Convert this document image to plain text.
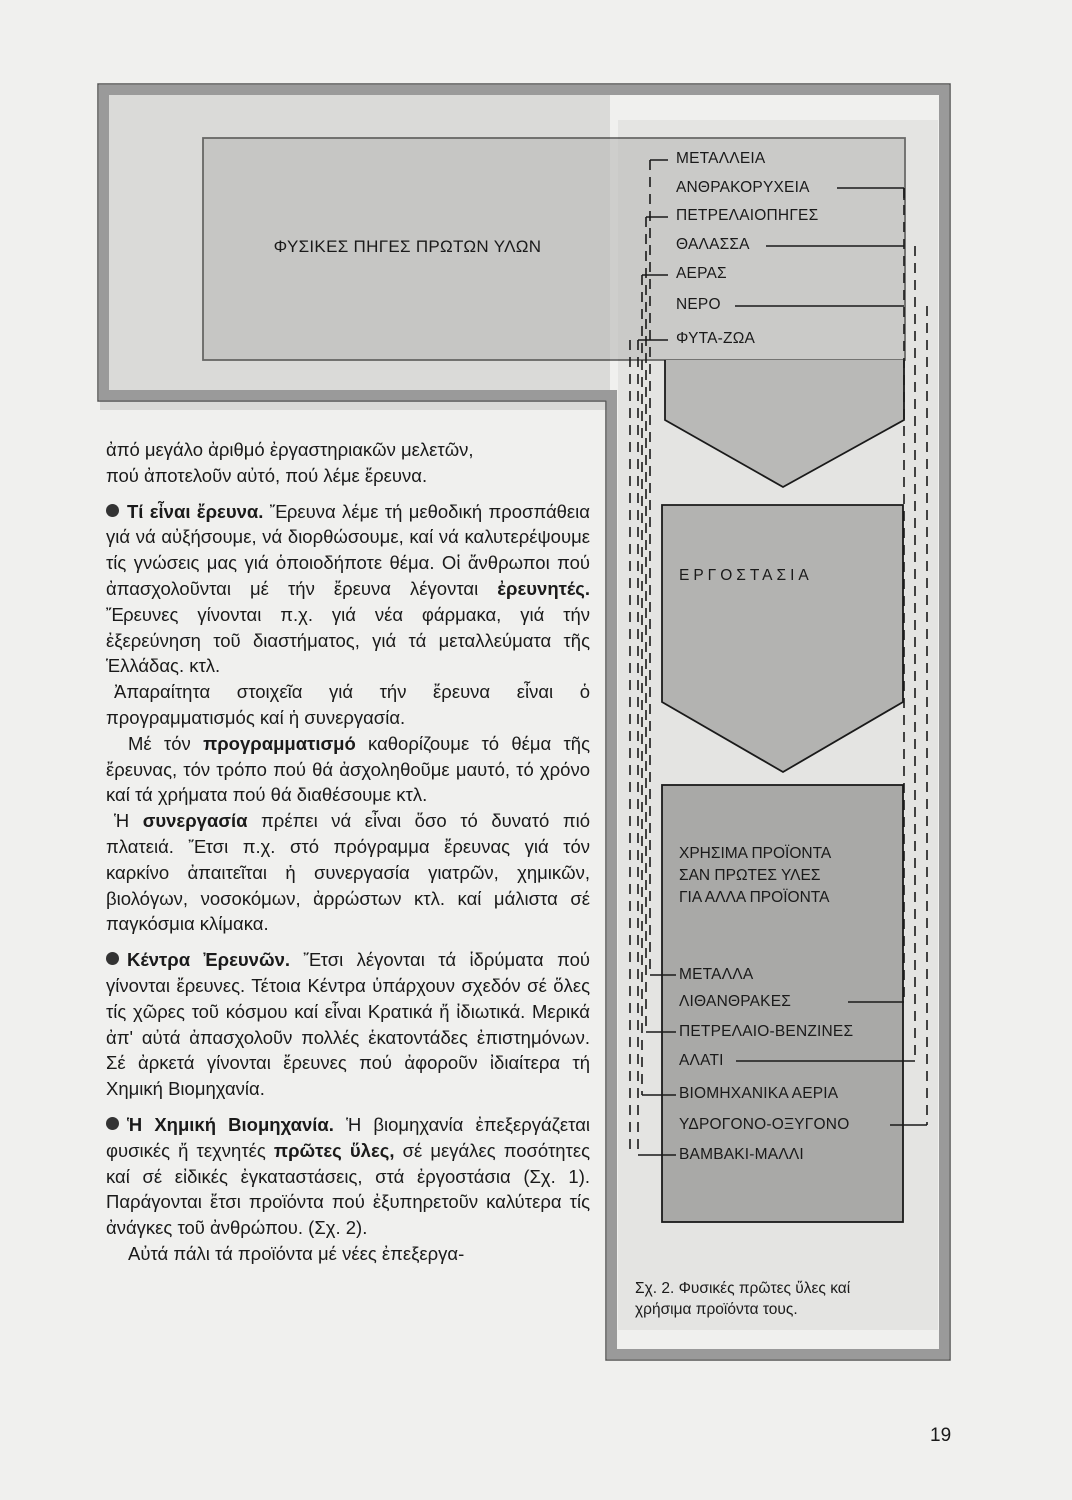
ΦΥΣΙΚΕΣ ΠΗΓΕΣ ΠΡΩΤΩΝ ΥΛΩΝ
ΜΕΤΑΛΛΕΙΑ
ΑΝΘΡΑΚΟΡΥΧΕΙΑ
ΠΕΤΡΕΛΑΙΟΠΗΓΕΣ
ΘΑΛΑΣΣΑ
ΑΕΡΑΣ
ΝΕΡΟ
ΦΥΤΑ-ΖΩΑ
ΕΡΓΟΣΤΑΣΙΑ
ΧΡΗΣΙΜΑ ΠΡΟΪΟΝΤΑ
ΣΑΝ ΠΡΩΤΕΣ ΥΛΕΣ
ΓΙΑ ΑΛΛΑ ΠΡΟΪΟΝΤΑ
ΜΕΤΑΛΛΑ
ΛΙΘΑΝΘΡΑΚΕΣ
ΠΕΤΡΕΛΑΙΟ-ΒΕΝΖΙΝΕΣ
ΑΛΑΤΙ
ΒΙΟΜΗΧΑΝΙΚΑ ΑΕΡΙΑ
ΥΔΡΟΓΟΝΟ-ΟΞΥΓΟΝΟ
ΒΑΜΒΑΚΙ-ΜΑΛΛΙ
Σχ. 2. Φυσικές πρῶτες ὕλες καί
χρήσιμα προϊόντα τους.

ἀπό μεγάλο ἀριθμό ἐργαστηριακῶν μελετῶν,

πού ἀποτελοῦν αὐτό, πού λέμε ἔρευνα.

Τί εἶναι ἔρευνα. Ἔρευνα λέμε τή μεθοδική προσπάθεια γιά νά αὐξήσουμε, νά διορθώσουμε, καί νά καλυτερέψουμε τίς γνώσεις μας γιά ὁποιοδήποτε θέμα. Οἱ ἄνθρωποι πού ἀπασχολοῦνται μέ τήν ἔρευνα λέγονται ἐρευνητές. Ἔρευνες γίνονται π.χ. γιά νέα φάρμακα, γιά τήν ἐξερεύνηση τοῦ διαστήματος, γιά τά μεταλλεύματα τῆς Ἑλλάδας. κτλ.

Ἀπαραίτητα στοιχεῖα γιά τήν ἔρευνα εἶναι ὁ προγραμματισμός καί ἡ συνεργασία.

Μέ τόν προγραμματισμό καθορίζουμε τό θέμα τῆς ἔρευνας, τόν τρόπο πού θά ἀσχοληθοῦμε μαυτό, τό χρόνο καί τά χρήματα πού θά διαθέσουμε κτλ.

Ἡ συνεργασία πρέπει νά εἶναι ὅσο τό δυνατό πιό πλατειά. Ἔτσι π.χ. στό πρόγραμμα ἔρευνας γιά τόν καρκίνο ἀπαιτεῖται ἡ συνεργασία γιατρῶν, χημικῶν, βιολόγων, νοσοκόμων, ἀρρώστων κτλ. καί μάλιστα σέ παγκόσμια κλίμακα.

Κέντρα Ἐρευνῶν. Ἔτσι λέγονται τά ἱδρύματα πού γίνονται ἔρευνες. Τέτοια Κέντρα ὑπάρχουν σχεδόν σέ ὅλες τίς χῶρες τοῦ κόσμου καί εἶναι Κρατικά ἤ ἰδιωτικά. Μερικά ἀπ' αὐτά ἀπασχολοῦν πολλές ἑκατοντάδες ἐπιστημόνων. Σέ ἀρκετά γίνονται ἔρευνες πού ἀφοροῦν ἰδιαίτερα τή Χημική Βιομηχανία.

Ἡ Χημική Βιομηχανία. Ἡ βιομηχανία ἐπεξεργάζεται φυσικές ἤ τεχνητές πρῶτες ὕλες, σέ μεγάλες ποσότητες καί σέ εἰδικές ἐγκαταστάσεις, στά ἐργοστάσια (Σχ. 1). Παράγονται ἔτσι προϊόντα πού ἐξυπηρετοῦν καλύτερα τίς ἀνάγκες τοῦ ἀνθρώπου. (Σχ. 2).

Αὐτά πάλι τά προϊόντα μέ νέες ἐπεξεργα-

19
